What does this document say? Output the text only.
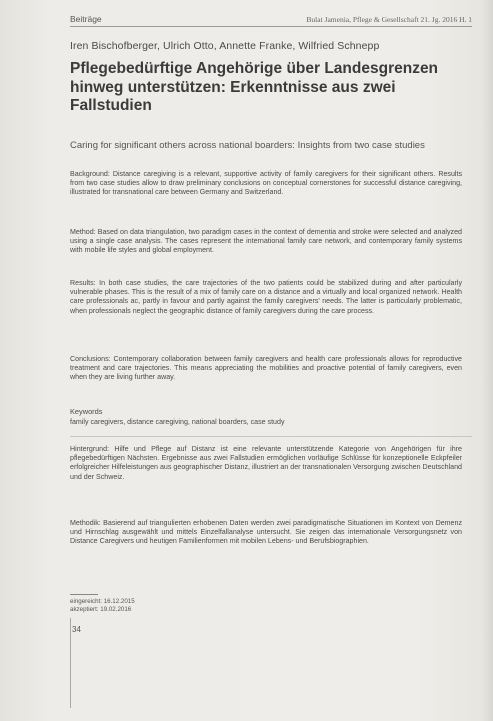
Beiträge	Bulat Jamenia, Pflege & Gesellschaft 21. Jg. 2016 H. 1
Iren Bischofberger, Ulrich Otto, Annette Franke, Wilfried Schnepp
Pflegebedürftige Angehörige über Landesgrenzen hinweg unterstützen: Erkenntnisse aus zwei Fallstudien
Caring for significant others across national boarders: Insights from two case studies
Background: Distance caregiving is a relevant, supportive activity of family caregivers for their significant others. Results from two case studies allow to draw preliminary conclusions on conceptual cornerstones for successful distance caregiving, illustrated for transnational care between Germany and Switzerland.
Method: Based on data triangulation, two paradigm cases in the context of dementia and stroke were selected and analyzed using a single case analysis. The cases represent the international family care network, and contemporary family systems with mobile life styles and global employment.
Results: In both case studies, the care trajectories of the two patients could be stabilized during and after particularly vulnerable phases. This is the result of a mix of family care on a distance and a virtually and local organized network. Health care professionals ac, partly in favour and partly against the family caregivers' needs. The latter is particularly problematic, when professionals neglect the geographic distance of family caregivers during the care process.
Conclusions: Contemporary collaboration between family caregivers and health care professionals allows for reproductive treatment and care trajectories. This means appreciating the mobilities and proactive potential of family caregivers, even when they are living further away.
Keywords
family caregivers, distance caregiving, national boarders, case study
Hintergrund: Hilfe und Pflege auf Distanz ist eine relevante unterstützende Kategorie von Angehörigen für ihre pflegebedürftigen Nächsten. Ergebnisse aus zwei Fallstudien ermöglichen vorläufige Schlüsse für konzeptionelle Eckpfeiler erfolgreicher Hilfeleistungen aus geographischer Distanz, illustriert an der transnationalen Versorgung zwischen Deutschland und der Schweiz.
Methodik: Basierend auf triangulierten erhobenen Daten werden zwei paradigmatische Situationen im Kontext von Demenz und Hirnschlag ausgewählt und mittels Einzelfallanalyse untersucht. Sie zeigen das internationale Versorgungsnetz von Distance Caregivers und heutigen Familienformen mit mobilen Lebens- und Berufsbiographien.
eingereicht: 16.12.2015
akzeptiert: 19.02.2016
34
